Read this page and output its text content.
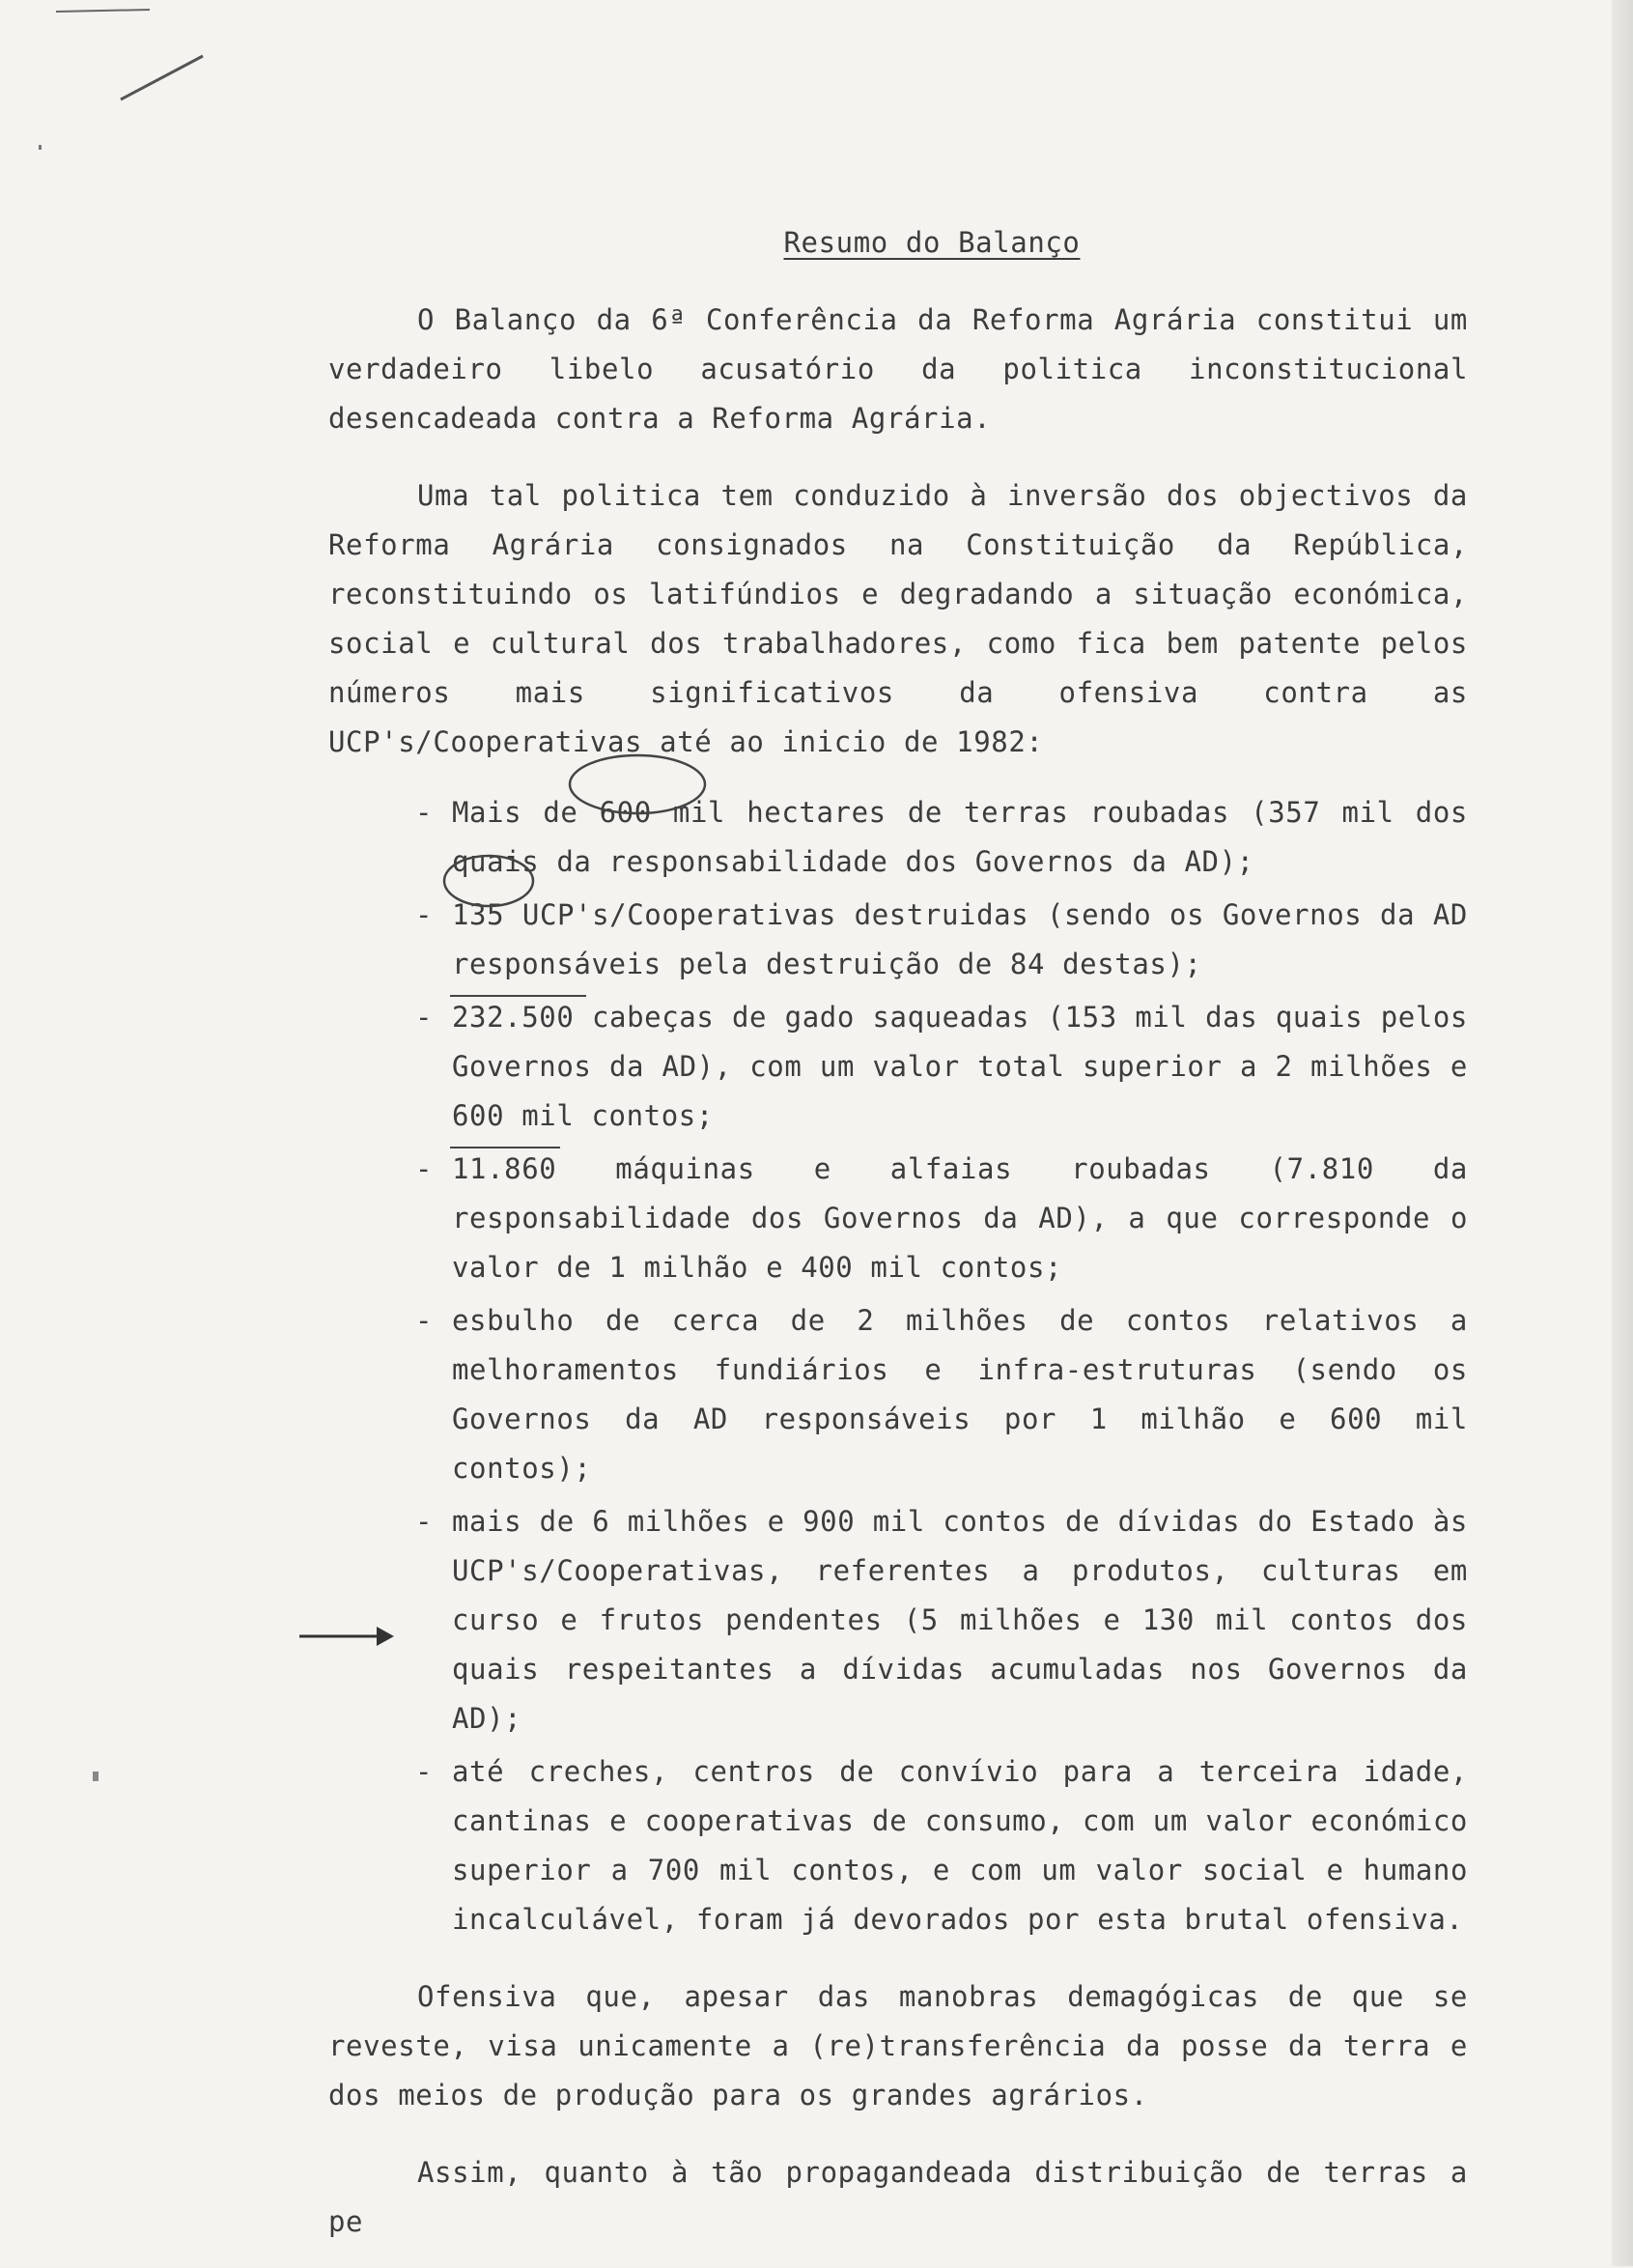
Resumo do Balanço

O Balanço da 6ª Conferência da Reforma Agrária constitui um verdadeiro libelo acusatório da politica inconstitucional desencadeada contra a Reforma Agrária.

Uma tal politica tem conduzido à inversão dos objectivos da Reforma Agrária consignados na Constituição da República, reconstituindo os latifúndios e degradando a situação económica, social e cultural dos trabalhadores, como fica bem patente pelos números mais significativos da ofensiva contra as UCP's/Cooperativas até ao inicio de 1982:

- Mais de 600 mil hectares de terras roubadas (357 mil dos quais da responsabilidade dos Governos da AD);
- 135 UCP's/Cooperativas destruidas (sendo os Governos da AD responsáveis pela destruição de 84 destas);
- 232.500 cabeças de gado saqueadas (153 mil das quais pelos Governos da AD), com um valor total superior a 2 milhões e 600 mil contos;
- 11.860 máquinas e alfaias roubadas (7.810 da responsabilidade dos Governos da AD), a que corresponde o valor de 1 milhão e 400 mil contos;
- esbulho de cerca de 2 milhões de contos relativos a melhoramentos fundiários e infra-estruturas (sendo os Governos da AD responsáveis por 1 milhão e 600 mil contos);
- mais de 6 milhões e 900 mil contos de dívidas do Estado às UCP's/Cooperativas, referentes a produtos, culturas em curso e frutos pendentes (5 milhões e 130 mil contos dos quais respeitantes a dívidas acumuladas nos Governos da AD);
- até creches, centros de convívio para a terceira idade, cantinas e cooperativas de consumo, com um valor económico superior a 700 mil contos, e com um valor social e humano incalculável, foram já devorados por esta brutal ofensiva.

Ofensiva que, apesar das manobras demagógicas de que se reveste, visa unicamente a (re)transferência da posse da terra e dos meios de produção para os grandes agrários.

Assim, quanto à tão propagandeada distribuição de terras a pe
